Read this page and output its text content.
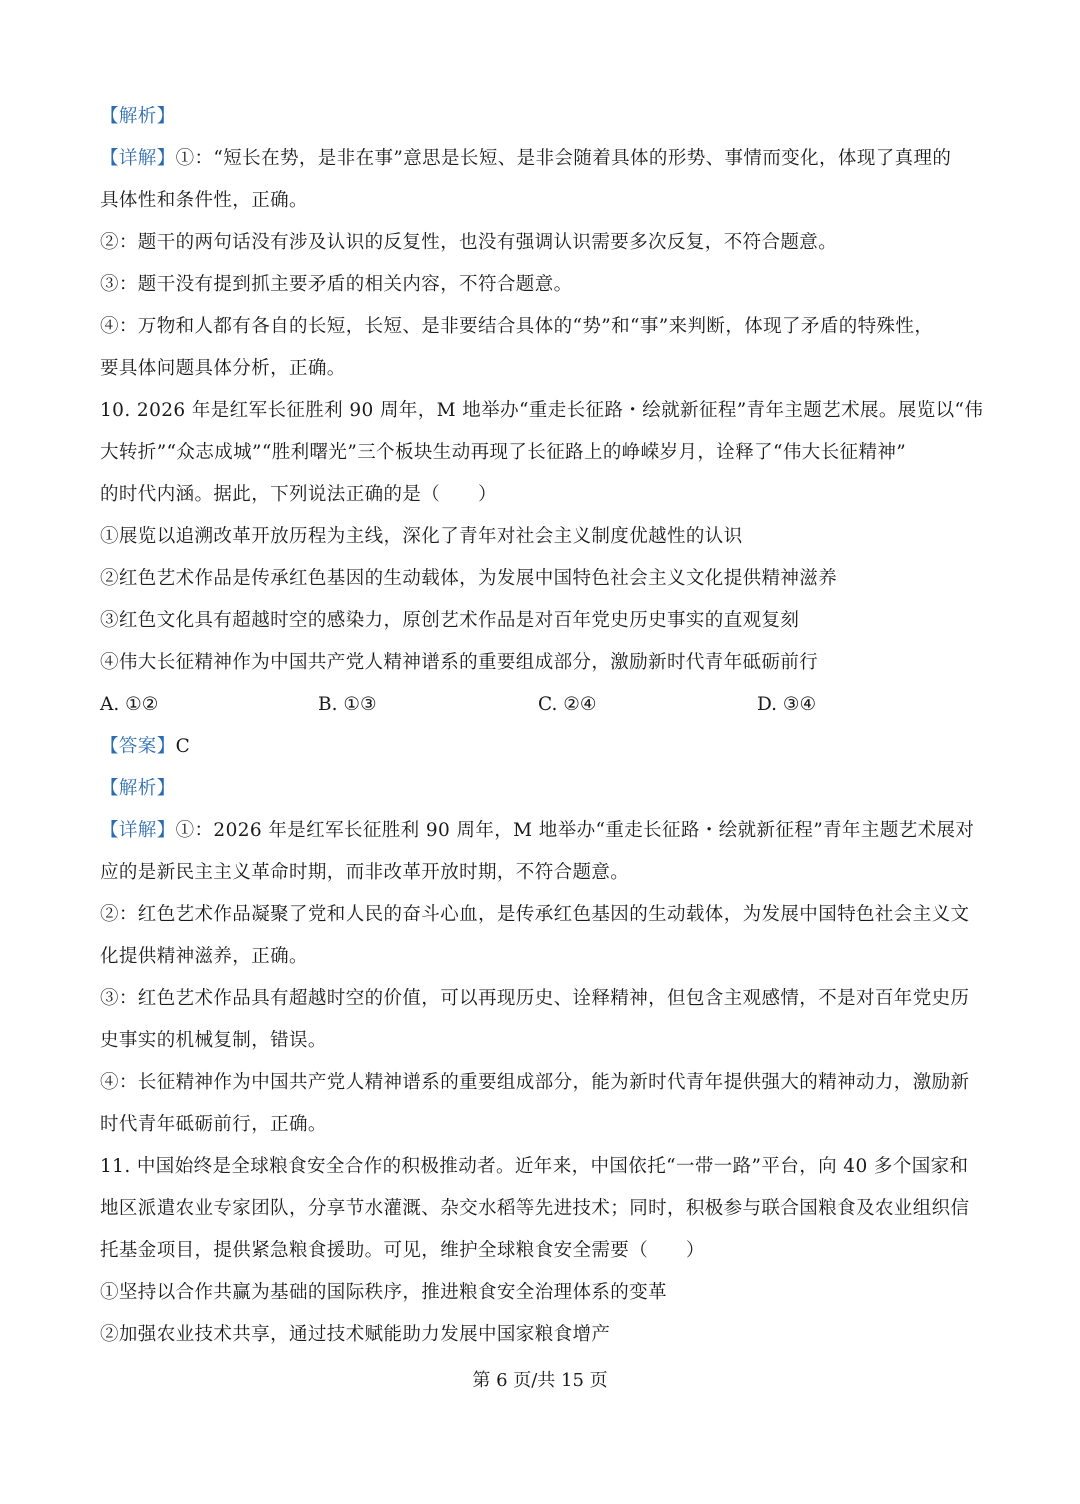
【解析】
【详解】①：“短长在势，是非在事”意思是长短、是非会随着具体的形势、事情而变化，体现了真理的
具体性和条件性，正确。
②：题干的两句话没有涉及认识的反复性，也没有强调认识需要多次反复，不符合题意。
③：题干没有提到抓主要矛盾的相关内容，不符合题意。
④：万物和人都有各自的长短，长短、是非要结合具体的“势”和“事”来判断，体现了矛盾的特殊性，
要具体问题具体分析，正确。
10. 2026 年是红军长征胜利 90 周年，M 地举办“重走长征路・绘就新征程”青年主题艺术展。展览以“伟
大转折”“众志成城”“胜利曙光”三个板块生动再现了长征路上的峥嵘岁月，诠释了“伟大长征精神”
的时代内涵。据此，下列说法正确的是（　　）
①展览以追溯改革开放历程为主线，深化了青年对社会主义制度优越性的认识
②红色艺术作品是传承红色基因的生动载体，为发展中国特色社会主义文化提供精神滋养
③红色文化具有超越时空的感染力，原创艺术作品是对百年党史历史事实的直观复刻
④伟大长征精神作为中国共产党人精神谱系的重要组成部分，激励新时代青年砥砺前行
A. ①②	B. ①③	C. ②④	D. ③④
【答案】C
【解析】
【详解】①：2026 年是红军长征胜利 90 周年，M 地举办“重走长征路・绘就新征程”青年主题艺术展对
应的是新民主主义革命时期，而非改革开放时期，不符合题意。
②：红色艺术作品凝聚了党和人民的奋斗心血，是传承红色基因的生动载体，为发展中国特色社会主义文
化提供精神滋养，正确。
③：红色艺术作品具有超越时空的价值，可以再现历史、诠释精神，但包含主观感情，不是对百年党史历
史事实的机械复制，错误。
④：长征精神作为中国共产党人精神谱系的重要组成部分，能为新时代青年提供强大的精神动力，激励新
时代青年砥砺前行，正确。
11. 中国始终是全球粮食安全合作的积极推动者。近年来，中国依托“一带一路”平台，向 40 多个国家和
地区派遣农业专家团队，分享节水灌溉、杂交水稻等先进技术；同时，积极参与联合国粮食及农业组织信
托基金项目，提供紧急粮食援助。可见，维护全球粮食安全需要（　　）
①坚持以合作共赢为基础的国际秩序，推进粮食安全治理体系的变革
②加强农业技术共享，通过技术赋能助力发展中国家粮食增产
第 6 页/共 15 页
